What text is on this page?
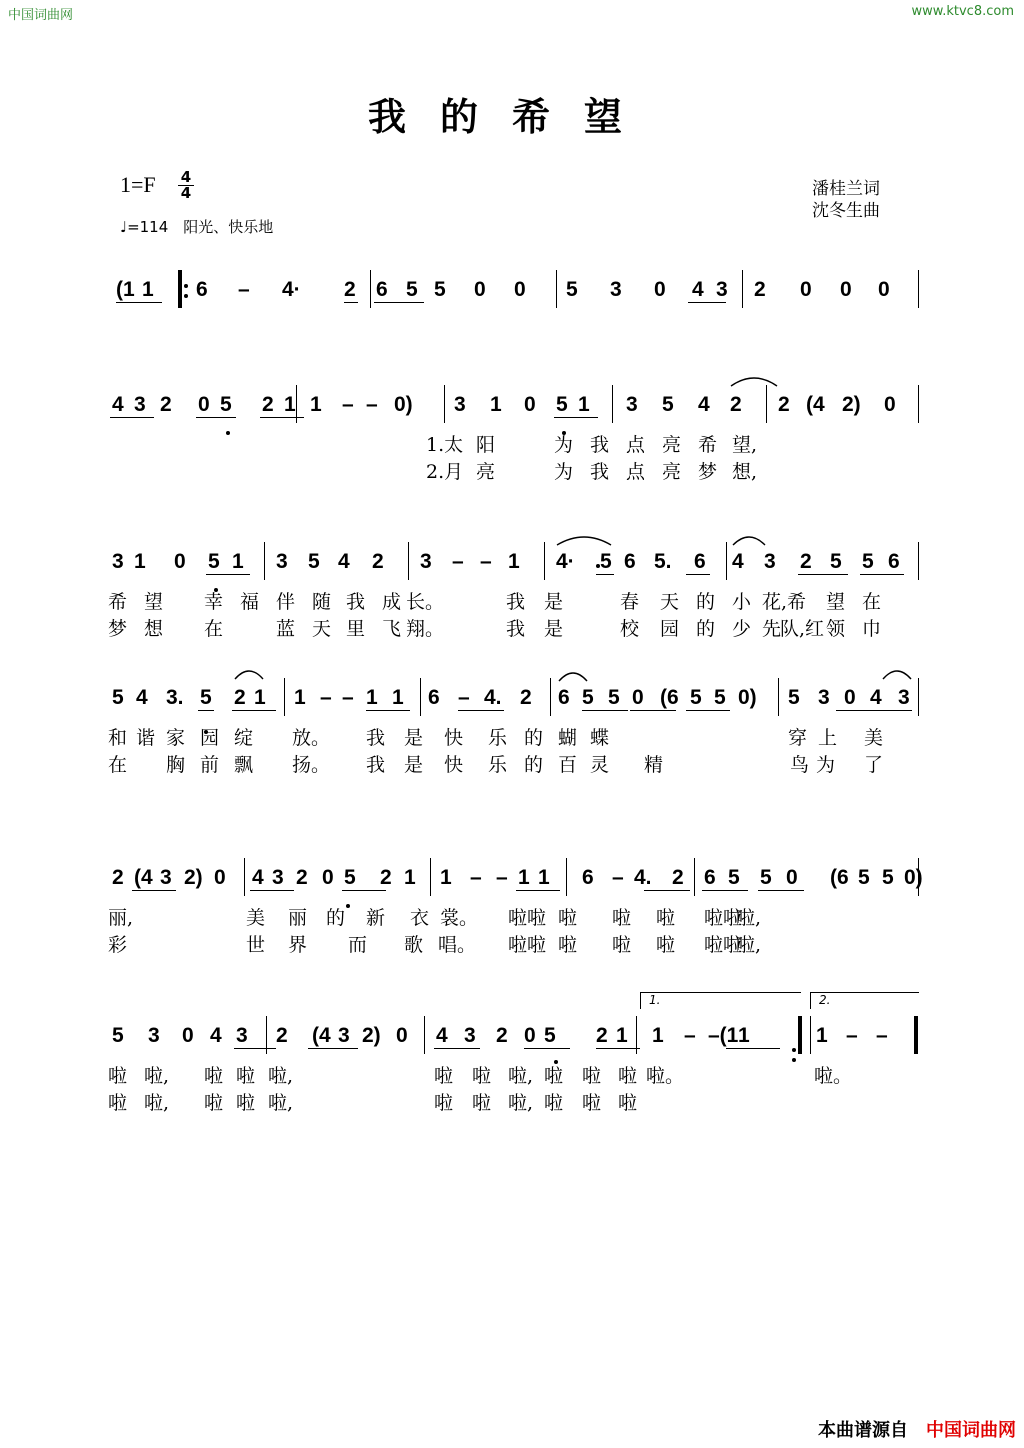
中国词曲网	www.ktvc8.com
我的希望
1=F 4
4
♩=114　阳光、快乐地
潘桂兰词
沈冬生曲
(1 1 6 – 4· 2 6 5 5 0 0 5 3 0 4 3 2 0 0 0
4 3 2 0 5 2 1 1 – – 0) 3 1 0 5 1 3 5 4 2 2 (4 2) 0
1.太 阳	为 我 点 亮 希 望,
2.月 亮	为 我 点 亮 梦 想,
3 1 0 5 1 3 5 4 2 3 – – 1 4· 5 6 5. 6 4 3 2 5 5 6
希 望 幸 福 伴 随 我 成 长。	我 是	春 天 的 小 花,希 望 在
梦 想 在	蓝 天 里 飞 翔。	我 是	校 园 的 少 先
队,红 领 巾
5 4 3. 5 2 1 1 – – 1 1 6 – 4. 2 6 5 5 0 (6 5 5 0) 5 3 0 4 3
和 谐 家 园 绽 放。 我 是 快 乐 的 蝴 蝶	穿 上 美
在 胸 前 飘 扬。 我 是 快 乐 的 百 灵	鸟 为 了
精
2 (4 3 2) 0 4 3 2 0 5 2 1 1 – – 1 1 6 – 4. 2 6 5 5 0 (6 5 5 0)
丽,	美 丽 的 新 衣 裳。 啦啦 啦 啦 啦 啦啦
啦,
彩	世 界 而 歌 唱。 啦啦 啦 啦 啦 啦啦
啦,
5 3 0 4 3 2 (4 3 2) 0 4 3 2 0 5 2 1 1 – –(1 1	1 – –
啦 啦, 啦 啦 啦,	啦 啦 啦, 啦 啦 啦 啦。	啦。
啦 啦, 啦 啦 啦,	啦 啦 啦, 啦 啦 啦
1.	2.
本曲谱源自 中国词曲网
